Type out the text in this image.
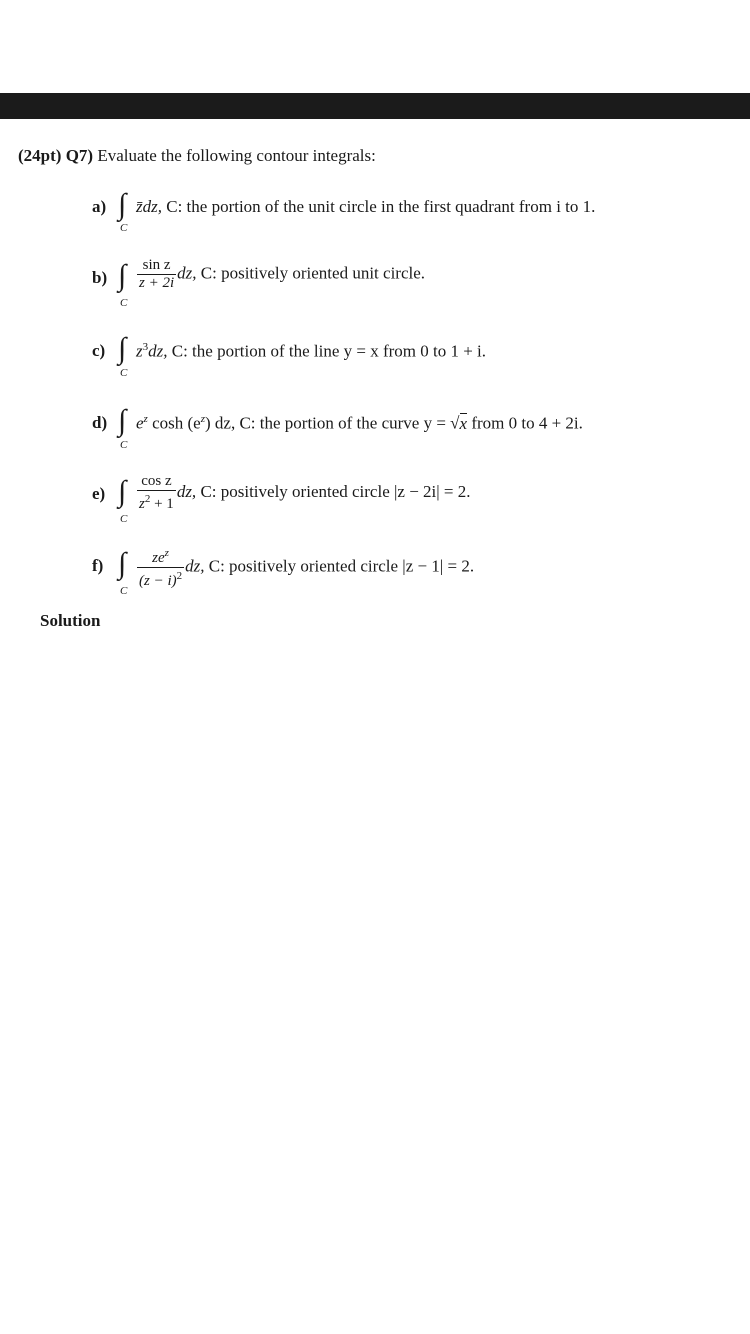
(24pt) Q7) Evaluate the following contour integrals:
a) ∫
C
z̄dz, C: the portion of the unit circle in the first quadrant from i to 1.
b) ∫
C
$\frac{\text{sin z}}{z + 2i}$ dz, C: positively oriented unit circle.
c) ∫
C
$z^3dz$, C: the portion of the line y = x from 0 to 1 + i.
d) ∫
C
$e^z$ $\cosh (e^z)$ dz, C: the portion of the curve y = √x from 0 to 4 + 2i.
e) ∫
C
$\frac{\text{cos z}}{z^2 + 1}$ dz, C: positively oriented circle |z − 2i| = 2.
f) ∫
C
$\frac{ze^z}{(z - i)^2}$ dz, C: positively oriented circle |z − 1| = 2.
Solution
